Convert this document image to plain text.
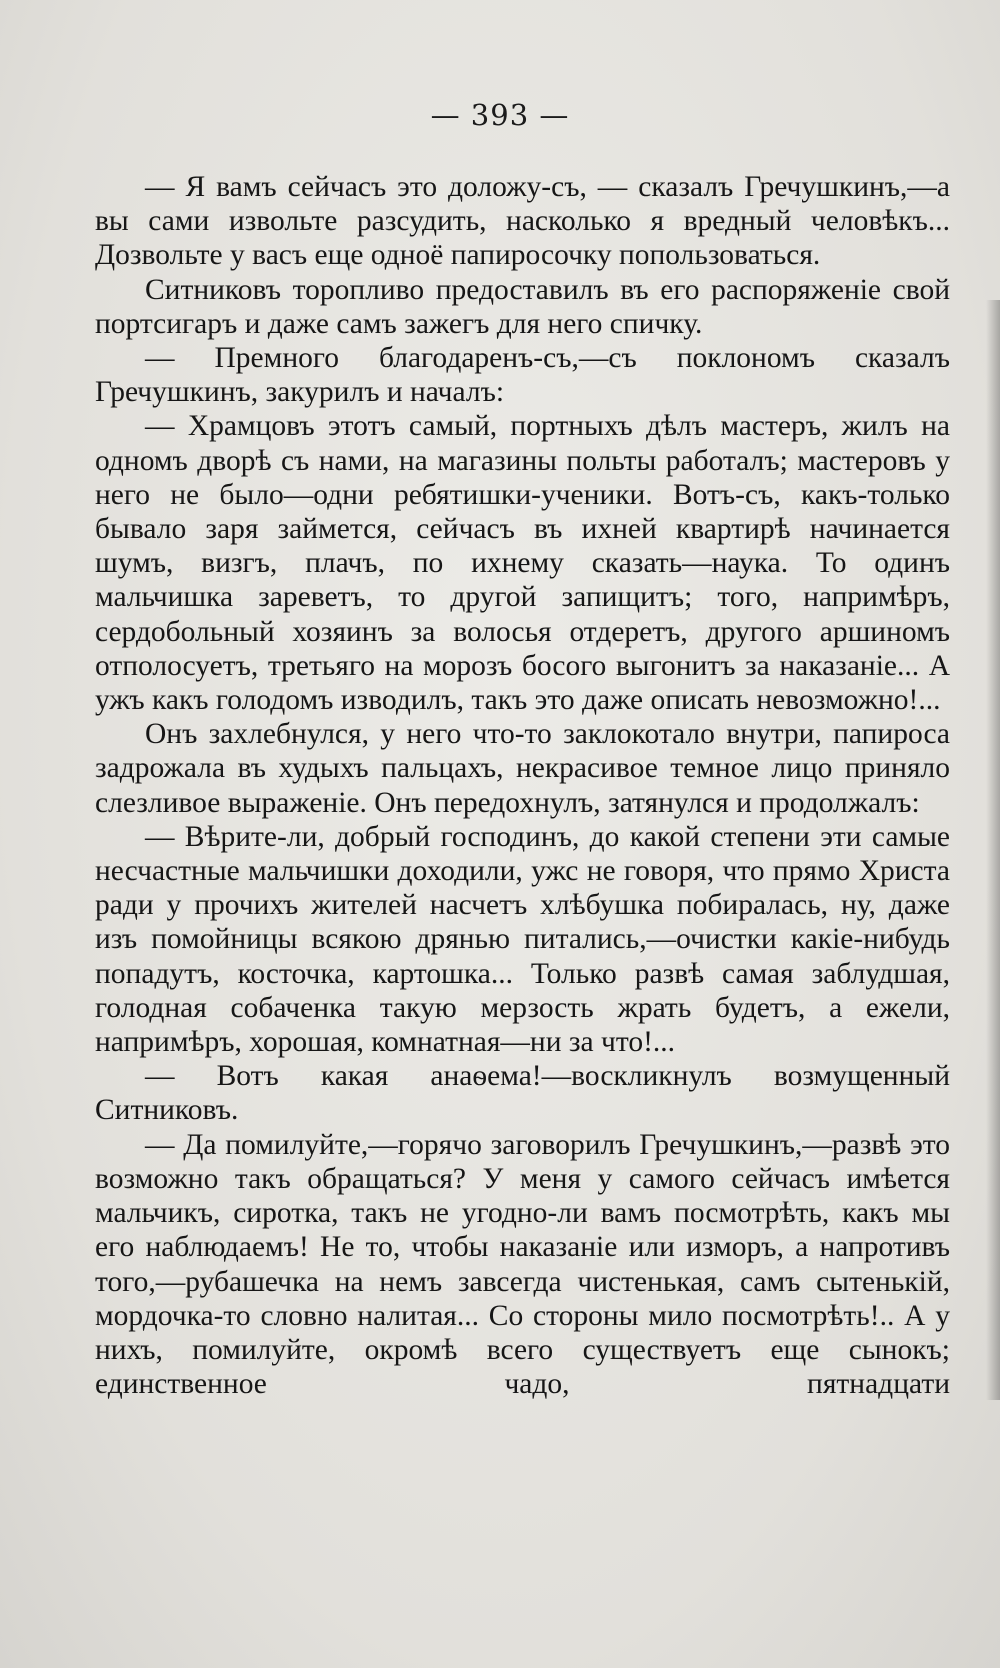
— 393 —

— Я вамъ сейчасъ это доложу-съ, — сказалъ Гречушкинъ,—а вы сами извольте разсудить, насколько я вредный человѣкъ... Дозвольте у васъ еще одноё папиросочку попользоваться.

Ситниковъ торопливо предоставилъ въ его распоряженіе свой портсигаръ и даже самъ зажегъ для него спичку.

— Премного благодаренъ-съ,—съ поклономъ сказалъ Гречушкинъ, закурилъ и началъ:

— Храмцовъ этотъ самый, портныхъ дѣлъ мастеръ, жилъ на одномъ дворѣ съ нами, на магазины польты работалъ; мастеровъ у него не было—одни ребятишки-ученики. Вотъ-съ, какъ-только бывало заря займется, сейчасъ въ ихней квартирѣ начинается шумъ, визгъ, плачъ, по ихнему сказать—наука. То одинъ мальчишка зареветъ, то другой запищитъ; того, напримѣръ, сердобольный хозяинъ за волосья отдеретъ, другого аршиномъ отполосуетъ, третьяго на морозъ босого выгонитъ за наказаніе... А ужъ какъ голодомъ изводилъ, такъ это даже описать невозможно!...

Онъ захлебнулся, у него что-то заклокотало внутри, папироса задрожала въ худыхъ пальцахъ, некрасивое темное лицо приняло слезливое выраженіе. Онъ передохнулъ, затянулся и продолжалъ:

— Вѣрите-ли, добрый господинъ, до какой степени эти самые несчастные мальчишки доходили, ужс не говоря, что прямо Христа ради у прочихъ жителей насчетъ хлѣбушка побиралась, ну, даже изъ помойницы всякою дрянью питались,—очистки какіе-нибудь попадутъ, косточка, картошка... Только развѣ самая заблудшая, голодная собаченка такую мерзость жрать будетъ, а ежели, напримѣръ, хорошая, комнатная—ни за что!...

— Вотъ какая анаѳема!—воскликнулъ возмущенный Ситниковъ.

— Да помилуйте,—горячо заговорилъ Гречушкинъ,—развѣ это возможно такъ обращаться? У меня у самого сейчасъ имѣется мальчикъ, сиротка, такъ не угодно-ли вамъ посмотрѣть, какъ мы его наблюдаемъ! Не то, чтобы наказаніе или изморъ, а напротивъ того,—рубашечка на немъ завсегда чистенькая, самъ сытенькій, мордочка-то словно налитая... Со стороны мило посмотрѣть!.. А у нихъ, помилуйте, окромѣ всего существуетъ еще сынокъ; единственное чадо, пятнадцати
